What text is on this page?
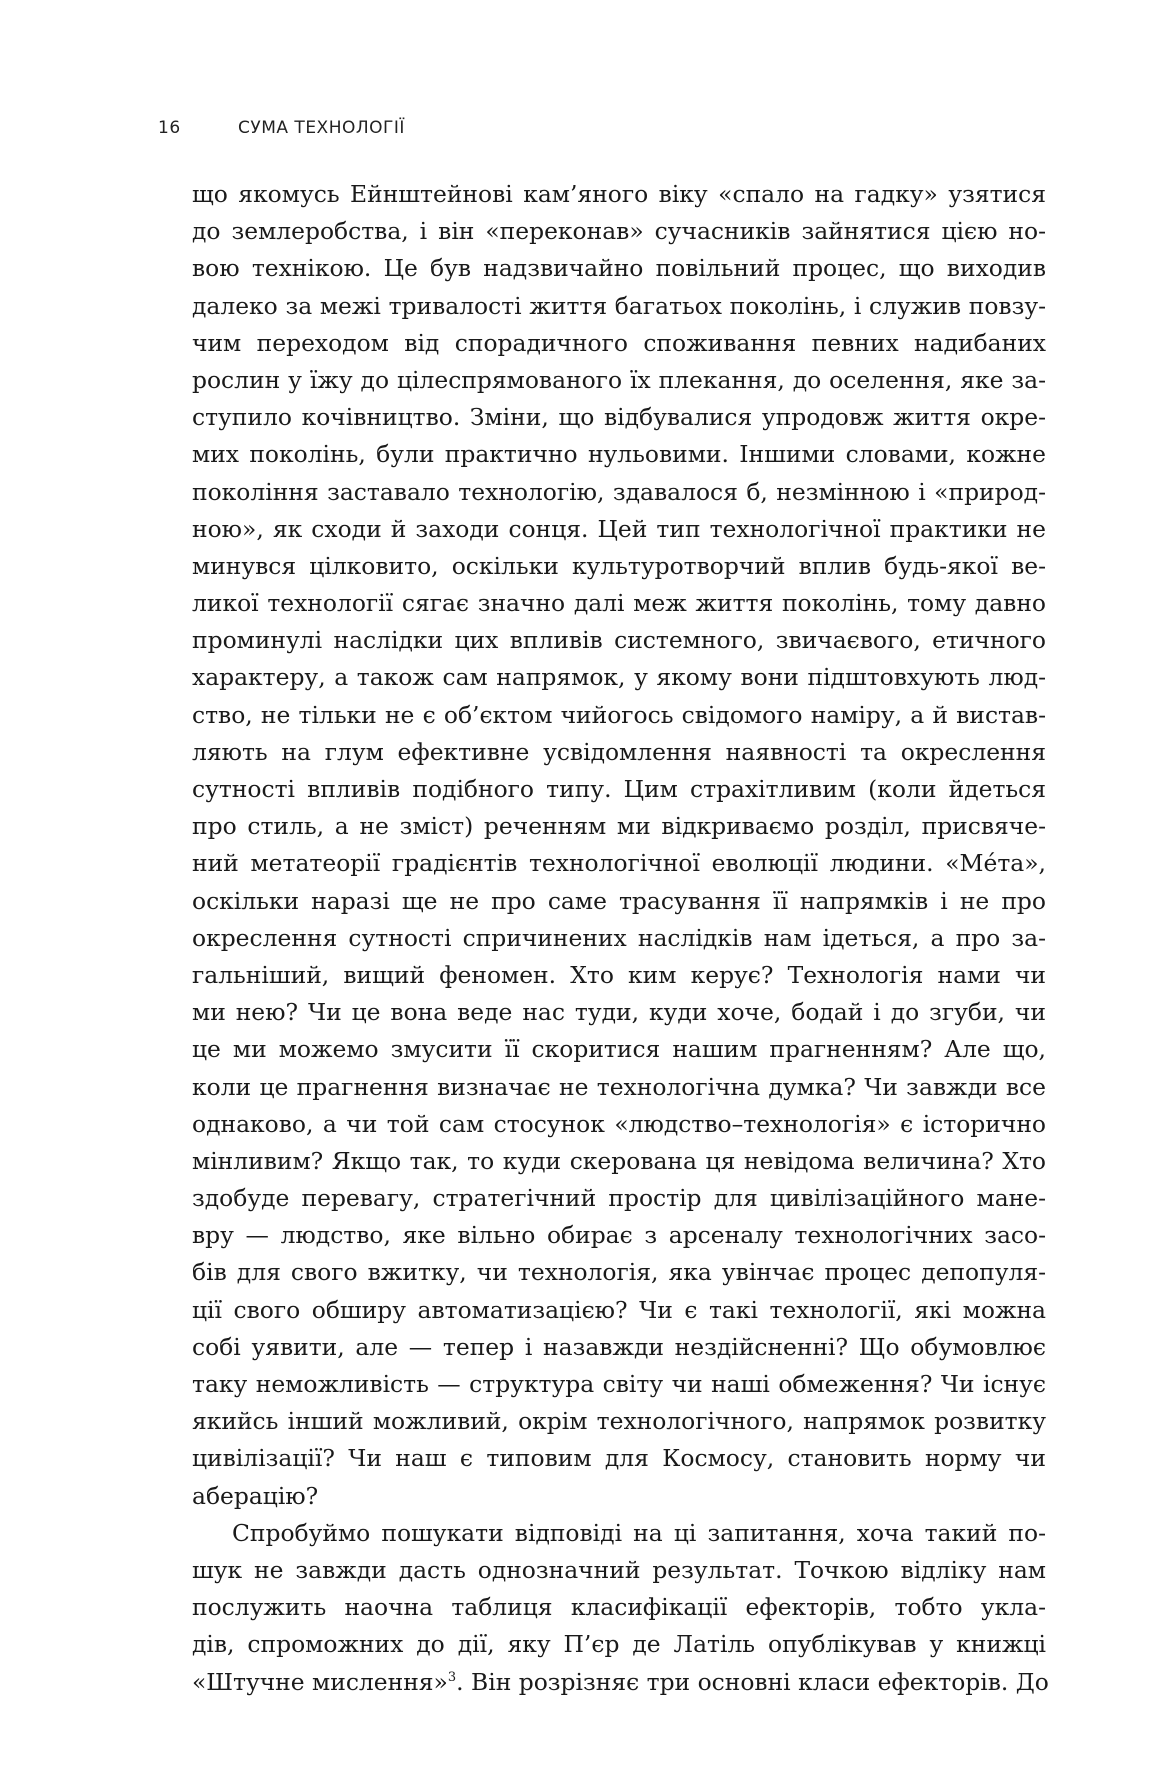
16	СУМА ТЕХНОЛОГІЇ
що якомусь Ейнштейнові кам’яного віку «спало на гадку» узятися
до землеробства, і він «переконав» сучасників зайнятися цією но-
вою технікою. Це був надзвичайно повільний процес, що виходив
далеко за межі тривалості життя багатьох поколінь, і служив повзу-
чим переходом від спорадичного споживання певних надибаних
рослин у їжу до цілеспрямованого їх плекання, до оселення, яке за-
ступило кочівництво. Зміни, що відбувалися упродовж життя окре-
мих поколінь, були практично нульовими. Іншими словами, кожне
покоління заставало технологію, здавалося б, незмінною і «природ-
ною», як сходи й заходи сонця. Цей тип технологічної практики не
минувся цілковито, оскільки культуротворчий вплив будь-якої ве-
ликої технології сягає значно далі меж життя поколінь, тому давно
проминулі наслідки цих впливів системного, звичаєвого, етичного
характеру, а також сам напрямок, у якому вони підштовхують люд-
ство, не тільки не є об’єктом чийогось свідомого наміру, а й вистав-
ляють на глум ефективне усвідомлення наявності та окреслення
сутності впливів подібного типу. Цим страхітливим (коли йдеться
про стиль, а не зміст) реченням ми відкриваємо розділ, присвяче-
ний метатеорії градієнтів технологічної еволюції людини. «Méта»,
оскільки наразі ще не про саме трасування її напрямків і не про
окреслення сутності спричинених наслідків нам ідеться, а про за-
гальніший, вищий феномен. Хто ким керує? Технологія нами чи
ми нею? Чи це вона веде нас туди, куди хоче, бодай і до згуби, чи
це ми можемо змусити її скоритися нашим прагненням? Але що,
коли це прагнення визначає не технологічна думка? Чи завжди все
однаково, а чи той сам стосунок «людство–технологія» є історично
мінливим? Якщо так, то куди скерована ця невідома величина? Хто
здобуде перевагу, стратегічний простір для цивілізаційного мане-
вру — людство, яке вільно обирає з арсеналу технологічних засо-
бів для свого вжитку, чи технологія, яка увінчає процес депопуля-
ції свого обширу автоматизацією? Чи є такі технології, які можна
собі уявити, але — тепер і назавжди нездійсненні? Що обумовлює
таку неможливість — структура світу чи наші обмеження? Чи існує
якийсь інший можливий, окрім технологічного, напрямок розвитку
цивілізації? Чи наш є типовим для Космосу, становить норму чи
аберацію?
Спробуймо пошукати відповіді на ці запитання, хоча такий по-
шук не завжди дасть однозначний результат. Точкою відліку нам
послужить наочна таблиця класифікації ефекторів, тобто укла-
дів, спроможних до дії, яку П’єр де Латіль опублікував у книжці
«Штучне мислення»$^3$. Він розрізняє три основні класи ефекторів. До
